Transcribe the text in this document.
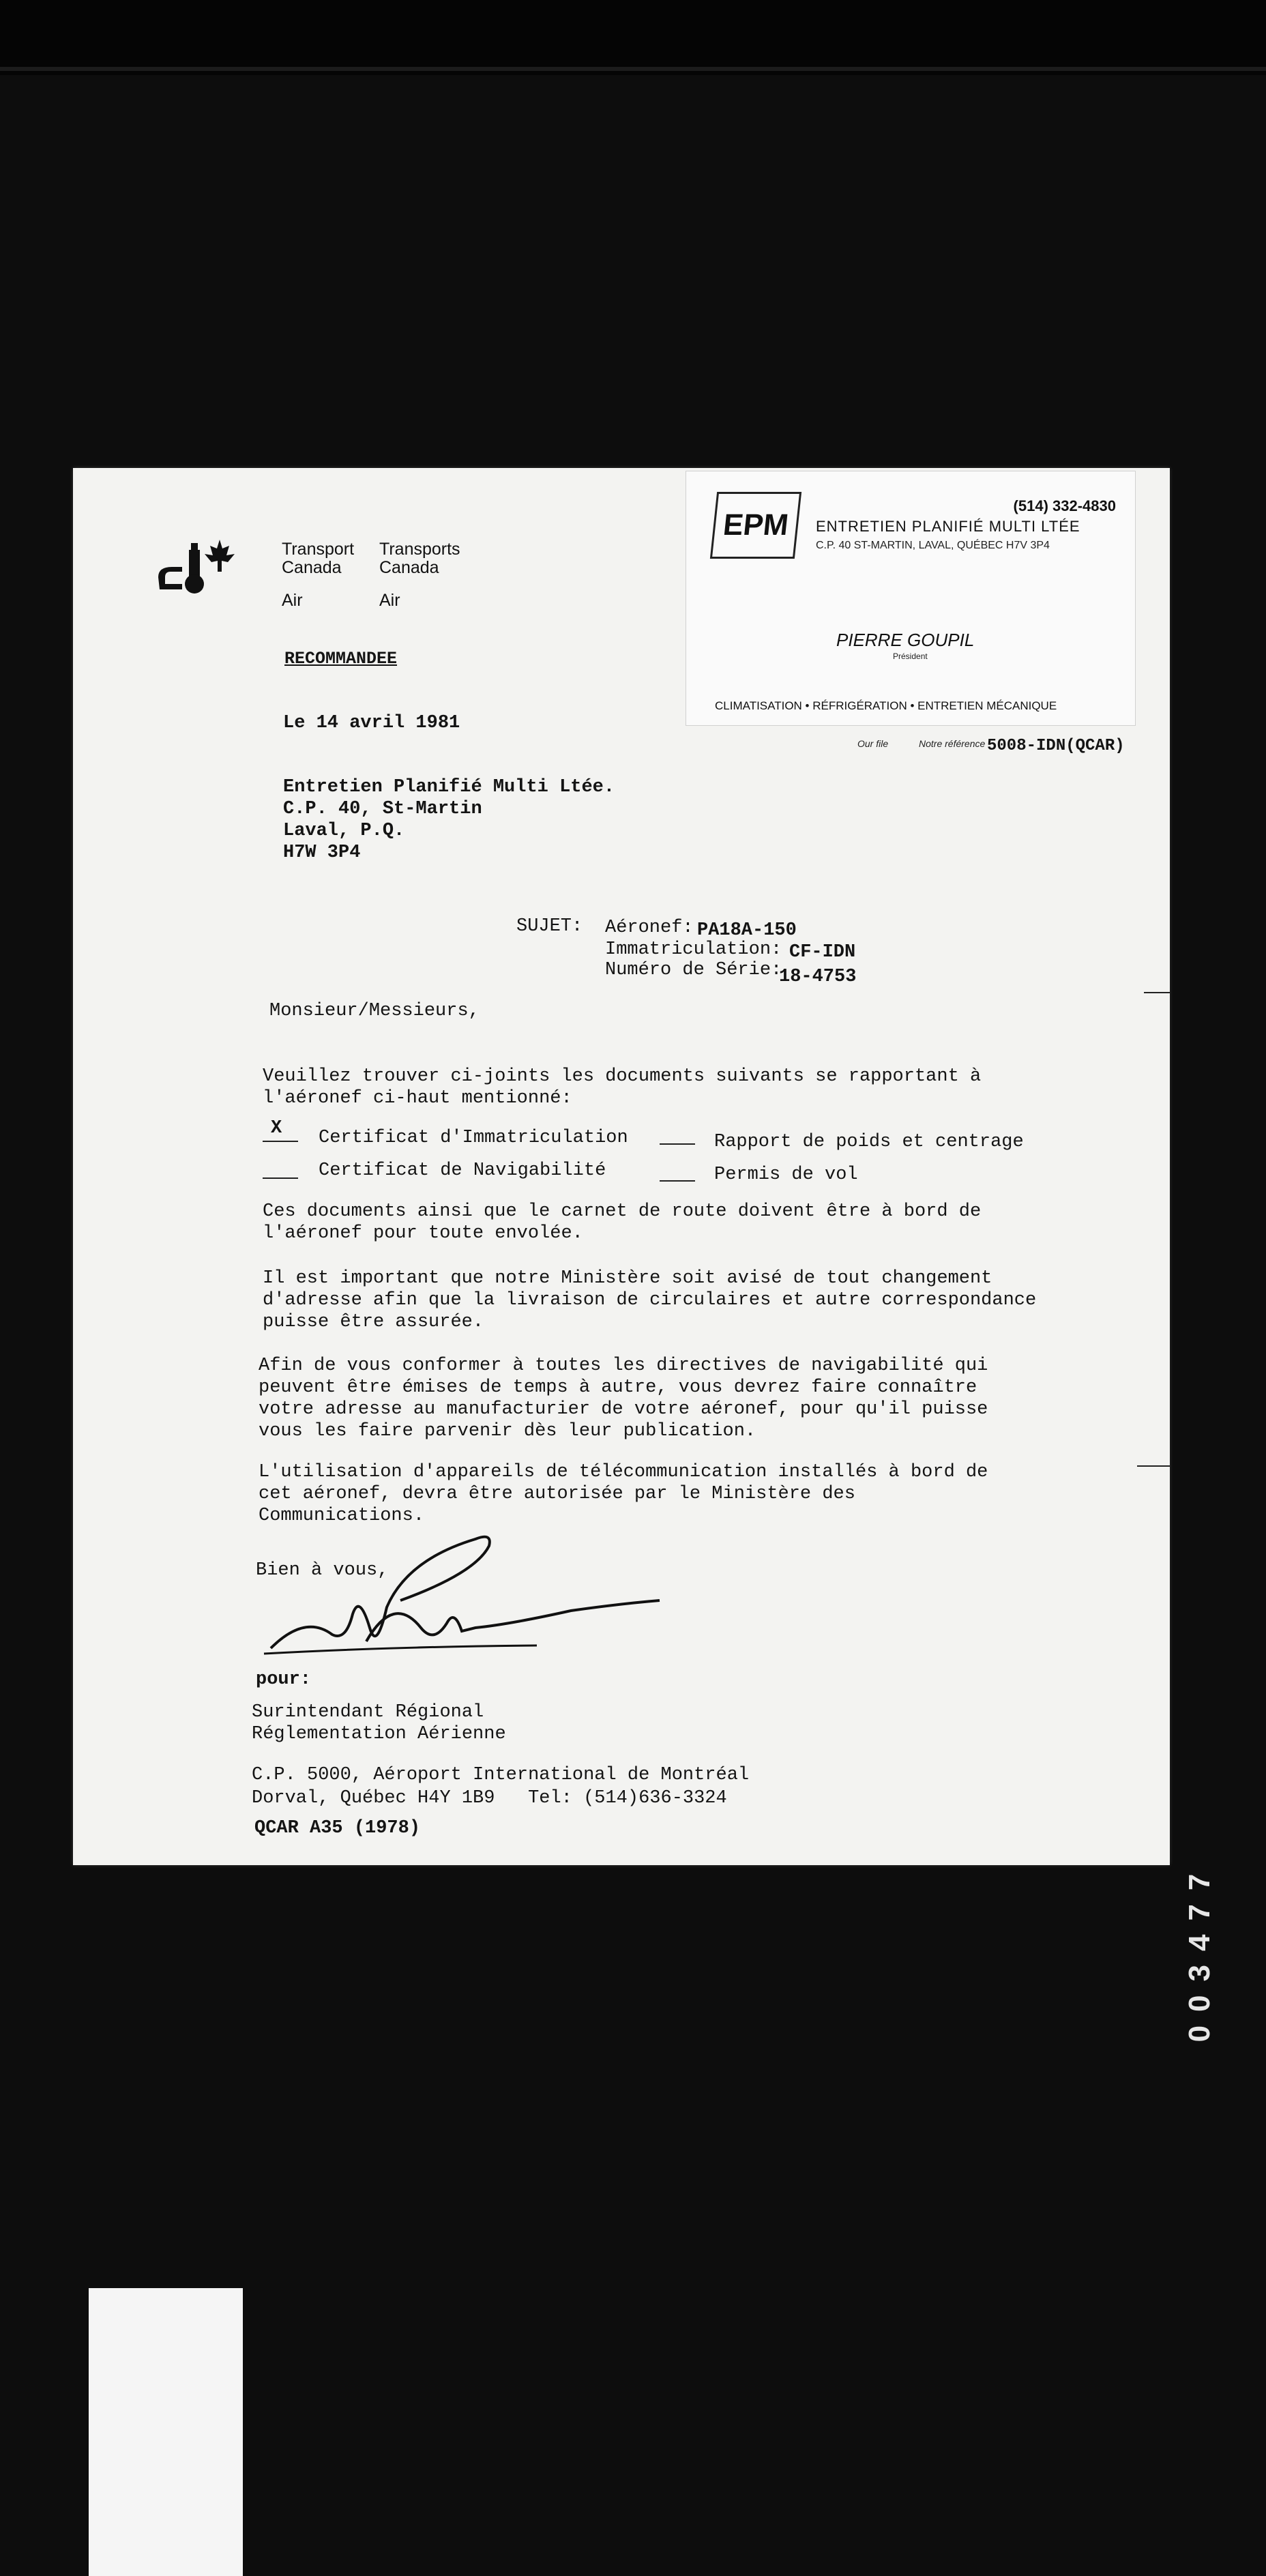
Transport
Canada
Transports
Canada
Air	Air
RECOMMANDEE
Le 14 avril 1981
Entretien Planifié Multi Ltée.
C.P. 40, St-Martin
Laval, P.Q.
H7W 3P4
SUJET: Aéronef: PA18A-150
Immatriculation: CF-IDN
Numéro de Série:
18-4753
Monsieur/Messieurs,
Veuillez trouver ci-joints les documents suivants se rapportant à l'aéronef ci-haut mentionné:
X Certificat d'Immatriculation	Rapport de poids et centrage
Certificat de Navigabilité	Permis de vol
Ces documents ainsi que le carnet de route doivent être à bord de l'aéronef pour toute envolée.
Il est important que notre Ministère soit avisé de tout changement d'adresse afin que la livraison de circulaires et autre correspondance puisse être assurée.
Afin de vous conformer à toutes les directives de navigabilité qui peuvent être émises de temps à autre, vous devrez faire connaître votre adresse au manufacturier de votre aéronef, pour qu'il puisse vous les faire parvenir dès leur publication.
L'utilisation d'appareils de télécommunication installés à bord de cet aéronef, devra être autorisée par le Ministère des Communications.
Bien à vous,
pour:
Surintendant Régional
Réglementation Aérienne
C.P. 5000, Aéroport International de Montréal
Dorval, Québec H4Y 1B9   Tel: (514)636-3324
QCAR A35 (1978)
Our file	Notre référence 5008-IDN(QCAR)
(514) 332-4830
EPM	ENTRETIEN PLANIFIÉ MULTI LTÉE
C.P. 40 ST-MARTIN, LAVAL, QUÉBEC H7V 3P4
PIERRE GOUPIL
Président
CLIMATISATION • RÉFRIGÉRATION • ENTRETIEN MÉCANIQUE
003477
